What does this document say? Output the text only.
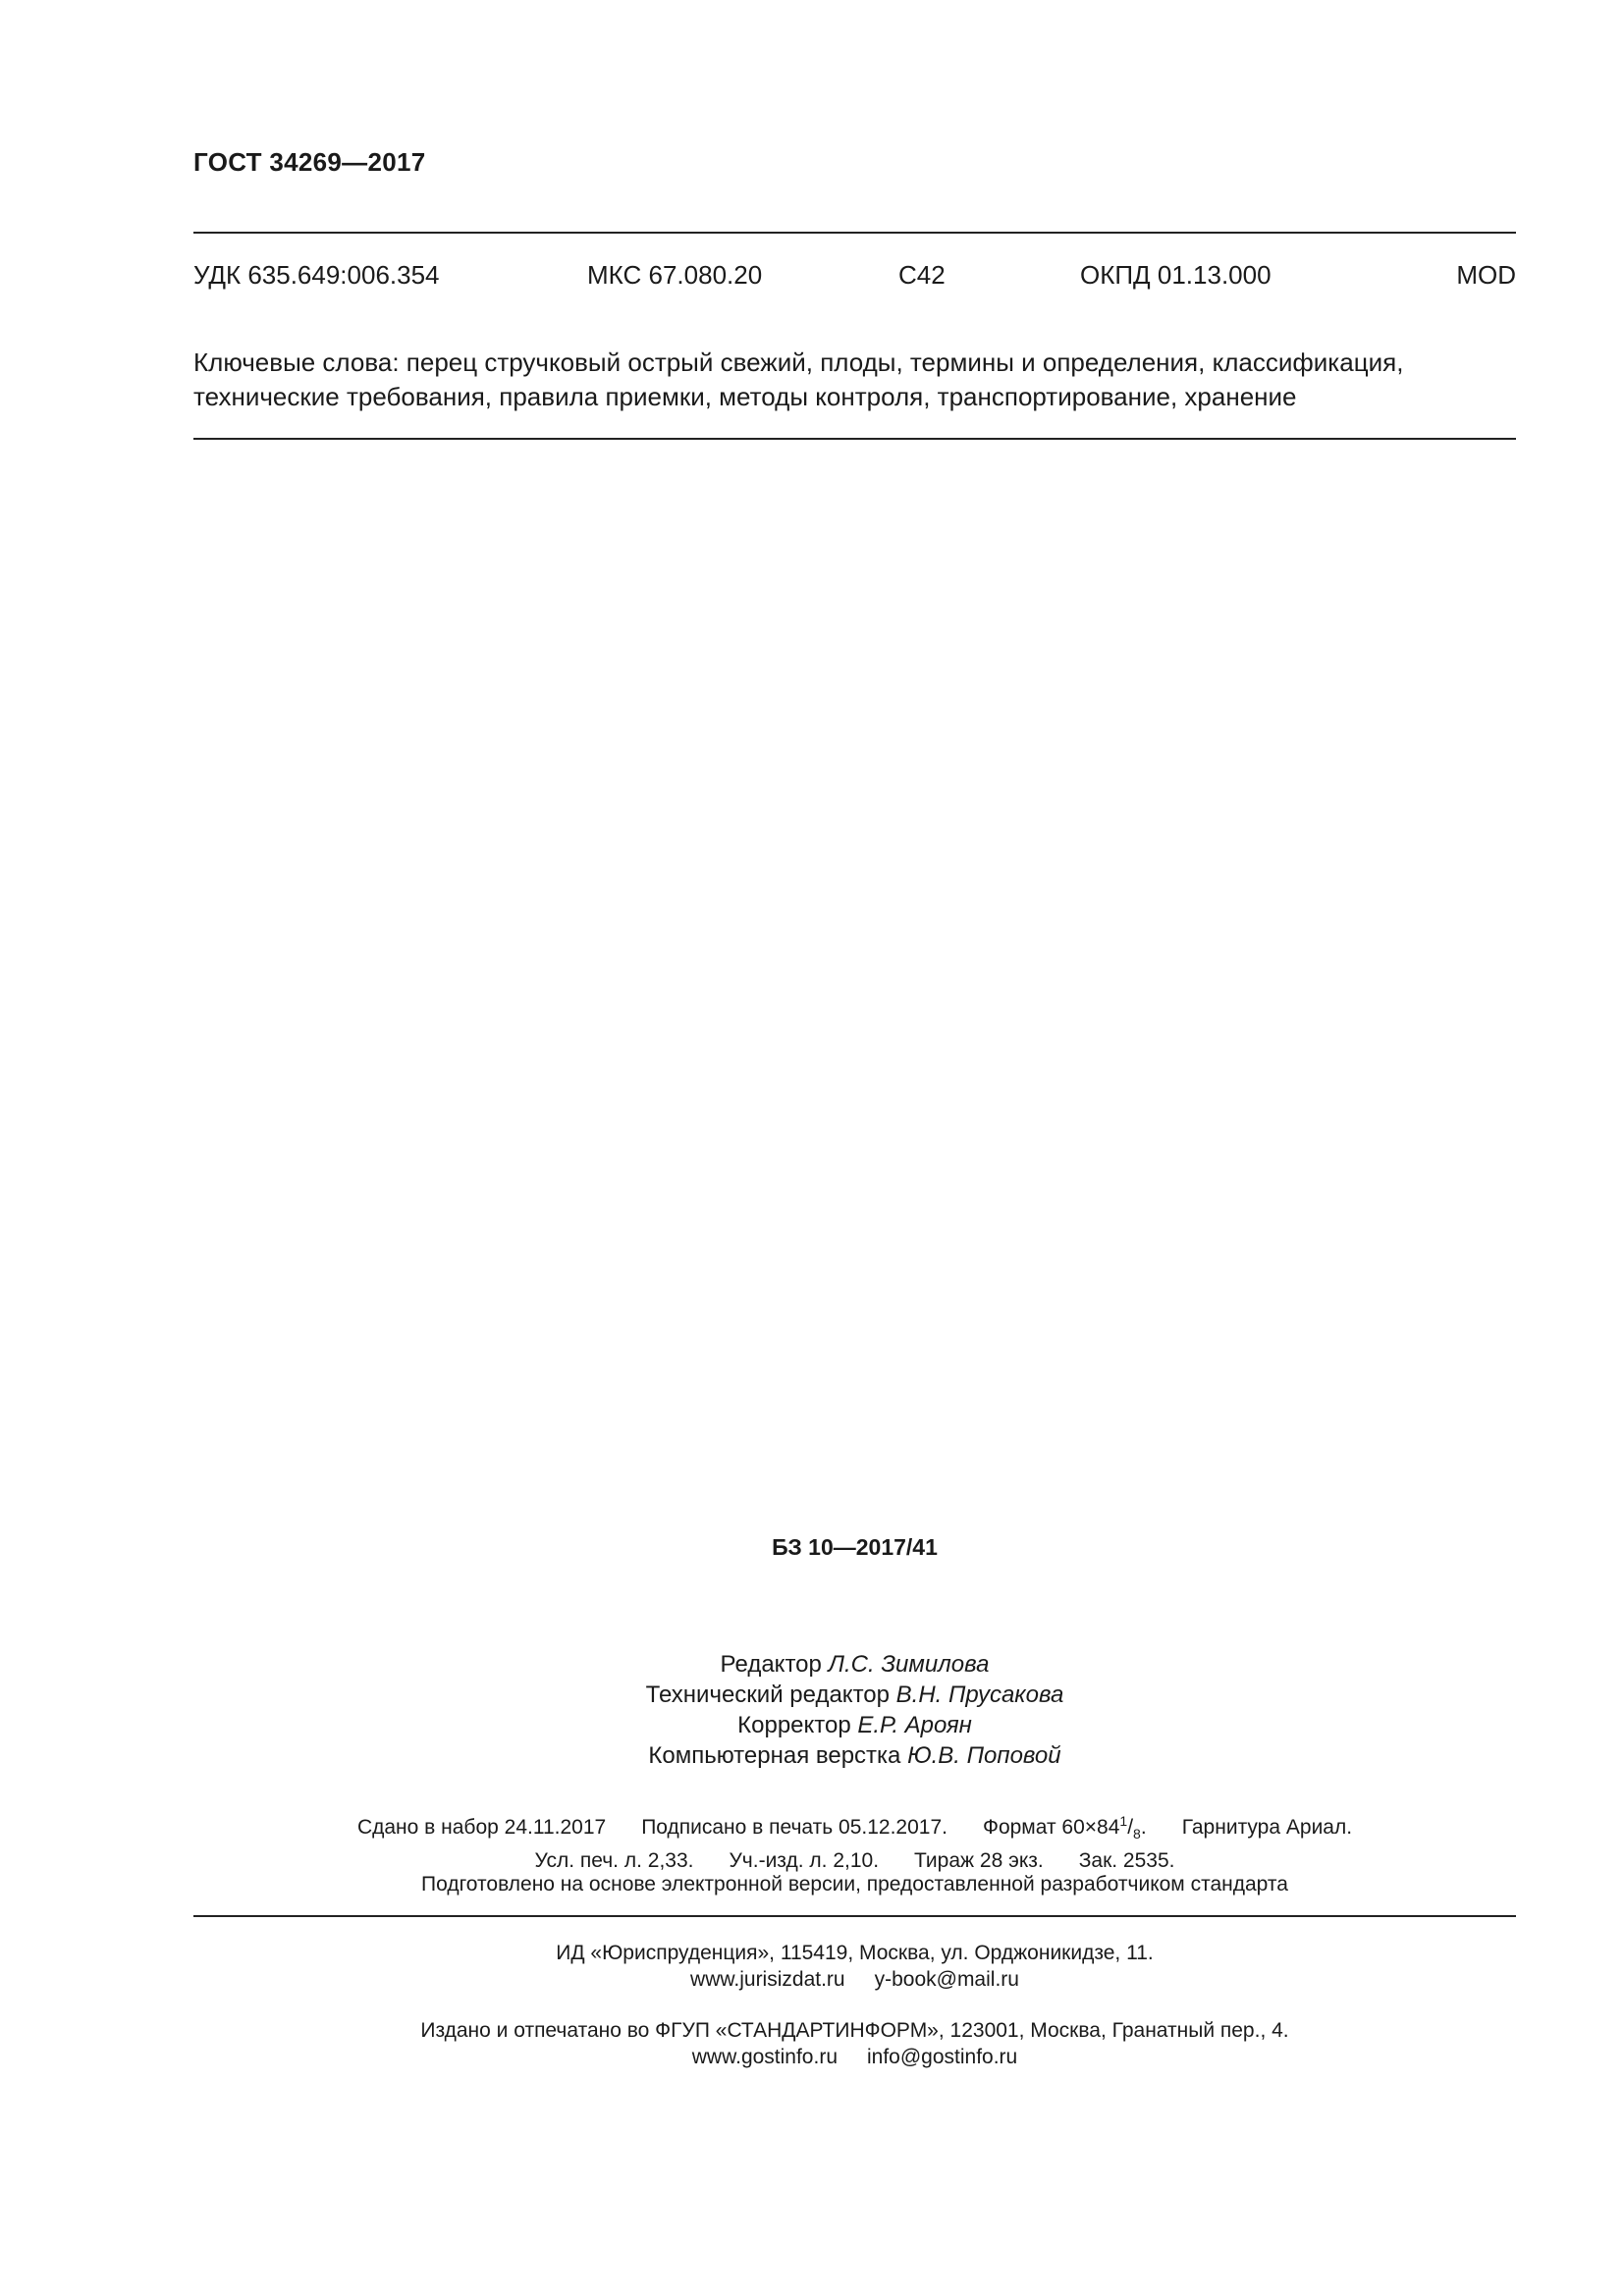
ГОСТ 34269—2017
УДК 635.649:006.354	МКС 67.080.20	С42	ОКПД 01.13.000	MOD
Ключевые слова: перец стручковый острый свежий, плоды, термины и определения, классификация,
технические требования, правила приемки, методы контроля, транспортирование, хранение
БЗ 10—2017/41
Редактор Л.С. Зимилова
Технический редактор В.Н. Прусакова
Корректор Е.Р. Ароян
Компьютерная верстка Ю.В. Поповой
Сдано в набор 24.11.2017 Подписано в печать 05.12.2017. Формат $60\times 84^1/_8$. Гарнитура Ариал.
Усл. печ. л. 2,33. Уч.-изд. л. 2,10. Тираж 28 экз. Зак. 2535.
Подготовлено на основе электронной версии, предоставленной разработчиком стандарта
ИД «Юриспруденция», 115419, Москва, ул. Орджоникидзе, 11.
www.jurisizdat.ru y-book@mail.ru
Издано и отпечатано во ФГУП «СТАНДАРТИНФОРМ», 123001, Москва, Гранатный пер., 4.
www.gostinfo.ru info@gostinfo.ru
